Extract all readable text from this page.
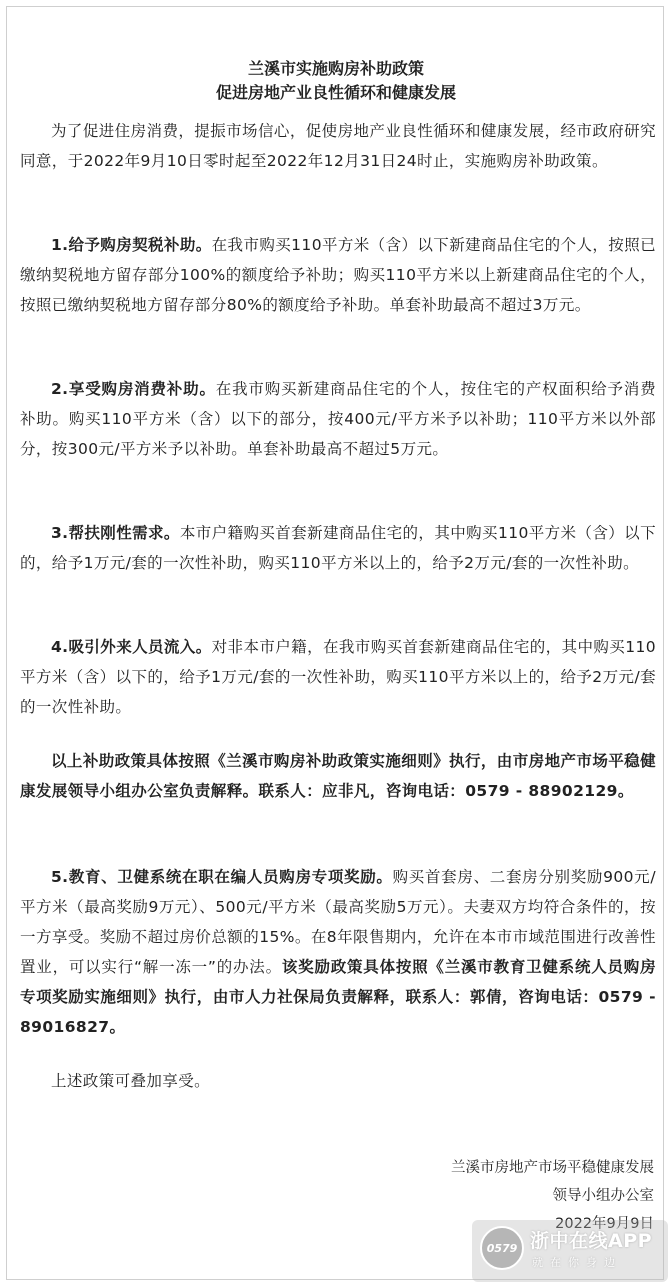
兰溪市实施购房补助政策
促进房地产业良性循环和健康发展

为了促进住房消费，提振市场信心，促使房地产业良性循环和健康发展，经市政府研究同意，于2022年9月10日零时起至2022年12月31日24时止，实施购房补助政策。

1.给予购房契税补助。在我市购买110平方米（含）以下新建商品住宅的个人，按照已缴纳契税地方留存部分100%的额度给予补助；购买110平方米以上新建商品住宅的个人，按照已缴纳契税地方留存部分80%的额度给予补助。单套补助最高不超过3万元。

2.享受购房消费补助。在我市购买新建商品住宅的个人，按住宅的产权面积给予消费补助。购买110平方米（含）以下的部分，按400元/平方米予以补助；110平方米以外部分，按300元/平方米予以补助。单套补助最高不超过5万元。

3.帮扶刚性需求。本市户籍购买首套新建商品住宅的，其中购买110平方米（含）以下的，给予1万元/套的一次性补助，购买110平方米以上的，给予2万元/套的一次性补助。

4.吸引外来人员流入。对非本市户籍，在我市购买首套新建商品住宅的，其中购买110平方米（含）以下的，给予1万元/套的一次性补助，购买110平方米以上的，给予2万元/套的一次性补助。

以上补助政策具体按照《兰溪市购房补助政策实施细则》执行，由市房地产市场平稳健康发展领导小组办公室负责解释。联系人：应非凡，咨询电话：0579 - 88902129。

5.教育、卫健系统在职在编人员购房专项奖励。购买首套房、二套房分别奖励900元/平方米（最高奖励9万元）、500元/平方米（最高奖励5万元）。夫妻双方均符合条件的，按一方享受。奖励不超过房价总额的15%。在8年限售期内，允许在本市市域范围进行改善性置业，可以实行“解一冻一”的办法。该奖励政策具体按照《兰溪市教育卫健系统人员购房专项奖励实施细则》执行，由市人力社保局负责解释，联系人：郭倩，咨询电话：0579 - 89016827。

上述政策可叠加享受。

兰溪市房地产市场平稳健康发展
领导小组办公室
2022年9月9日
0579 浙中在线APP
就在你身边
